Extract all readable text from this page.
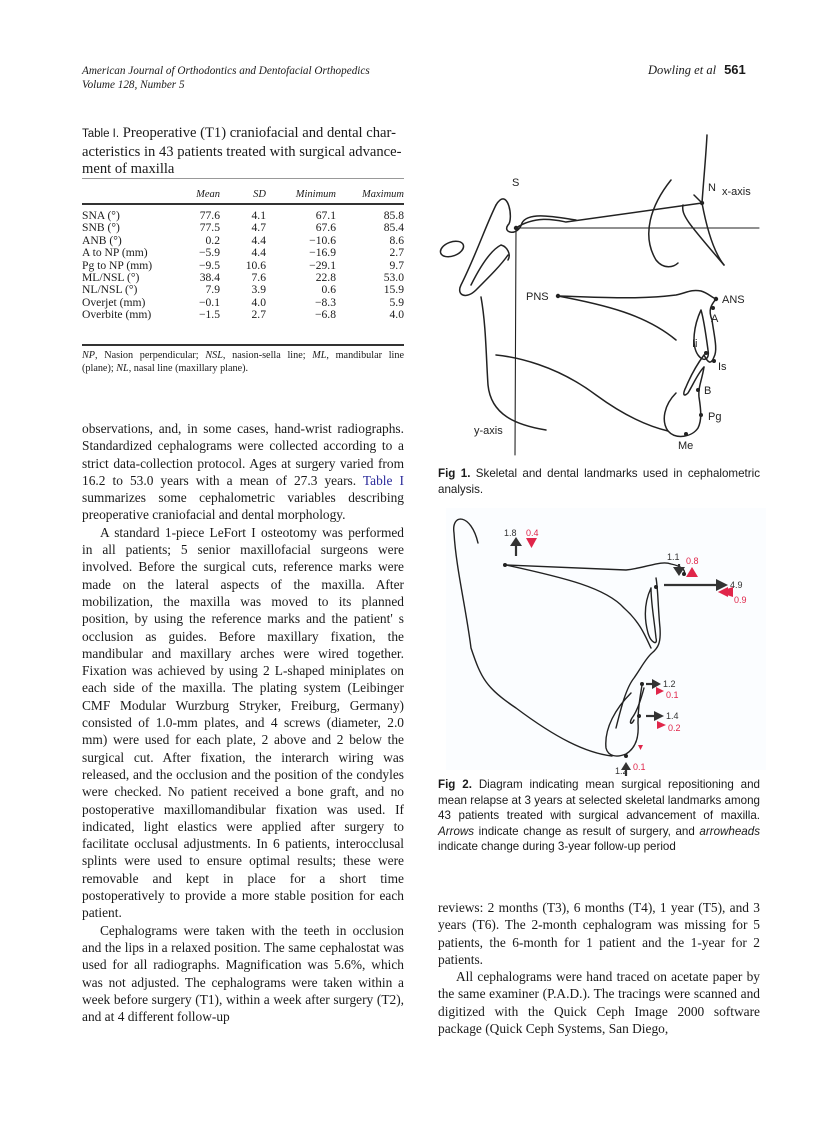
American Journal of Orthodontics and Dentofacial Orthopedics
Volume 128, Number 5
Dowling et al 561
Table I. Preoperative (T1) craniofacial and dental char-
acteristics in 43 patients treated with surgical advance-
ment of maxilla
	Mean	SD	Minimum	Maximum
SNA (°)	77.6	4.1	67.1	85.8
SNB (°)	77.5	4.7	67.6	85.4
ANB (°)	0.2	4.4	−10.6	8.6
A to NP (mm)	−5.9	4.4	−16.9	2.7
Pg to NP (mm)	−9.5	10.6	−29.1	9.7
ML/NSL (°)	38.4	7.6	22.8	53.0
NL/NSL (°)	7.9	3.9	0.6	15.9
Overjet (mm)	−0.1	4.0	−8.3	5.9
Overbite (mm)	−1.5	2.7	−6.8	4.0
NP, Nasion perpendicular; NSL, nasion-sella line; ML, mandibular line (plane); NL, nasal line (maxillary plane).

observations, and, in some cases, hand-wrist radiographs. Standardized cephalograms were collected according to a strict data-collection protocol. Ages at surgery varied from 16.2 to 53.0 years with a mean of 27.3 years. Table I summarizes some cephalometric variables describing preoperative craniofacial and dental morphology.

A standard 1-piece LeFort I osteotomy was performed in all patients; 5 senior maxillofacial surgeons were involved. Before the surgical cuts, reference marks were made on the lateral aspects of the maxilla. After mobilization, the maxilla was moved to its planned position, by using the reference marks and the patient' s occlusion as guides. Before maxillary fixation, the mandibular and maxillary arches were wired together. Fixation was achieved by using 2 L-shaped miniplates on each side of the maxilla. The plating system (Leibinger CMF Modular Wurzburg Stryker, Freiburg, Germany) consisted of 1.0-mm plates, and 4 screws (diameter, 2.0 mm) were used for each plate, 2 above and 2 below the surgical cut. After fixation, the interarch wiring was released, and the occlusion and the position of the condyles were checked. No patient received a bone graft, and no postoperative maxillomandibular fixation was used. If indicated, light elastics were applied after surgery to facilitate occlusal adjustments. In 6 patients, interocclusal splints were used to ensure optimal results; these were removable and kept in place for a short time postoperatively to provide a more stable position for each patient.

Cephalograms were taken with the teeth in occlusion and the lips in a relaxed position. The same cephalostat was used for all radiographs. Magnification was 5.6%, which was not adjusted. The cephalograms were taken within a week before surgery (T1), within a week after surgery (T2), and at 4 different follow-up

S	N
PNS	ANS
A
Ii
Is
B
Pg
Me
x-axis
y-axis
Fig 1. Skeletal and dental landmarks used in cephalometric analysis.
1.8 0.4
1.1 0.8
4.9
0.9
1.2
0.1
1.4
0.2
1.2 0.1
Fig 2. Diagram indicating mean surgical repositioning and mean relapse at 3 years at selected skeletal landmarks among 43 patients treated with surgical advancement of maxilla. Arrows indicate change as result of surgery, and arrowheads indicate change during 3-year follow-up period

reviews: 2 months (T3), 6 months (T4), 1 year (T5), and 3 years (T6). The 2-month cephalogram was missing for 5 patients, the 6-month for 1 patient and the 1-year for 2 patients.

All cephalograms were hand traced on acetate paper by the same examiner (P.A.D.). The tracings were scanned and digitized with the Quick Ceph Image 2000 software package (Quick Ceph Systems, San Diego,
